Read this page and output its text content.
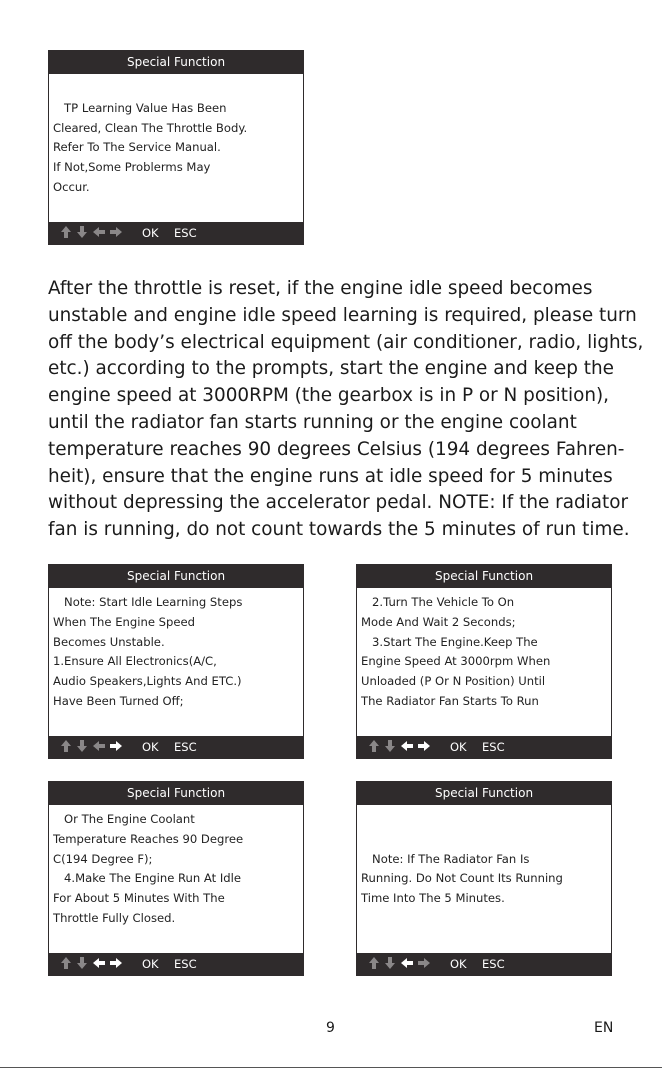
Special Function
TP Learning Value Has Been
Cleared, Clean The Throttle Body.
Refer To The Service Manual.
If Not,Some Problerms May
Occur.
OK ESC
After the throttle is reset, if the engine idle speed becomes
unstable and engine idle speed learning is required, please turn
off the body’s electrical equipment (air conditioner, radio, lights,
etc.) according to the prompts, start the engine and keep the
engine speed at 3000RPM (the gearbox is in P or N position),
until the radiator fan starts running or the engine coolant
temperature reaches 90 degrees Celsius (194 degrees Fahren-
heit), ensure that the engine runs at idle speed for 5 minutes
without depressing the accelerator pedal. NOTE: If the radiator
fan is running, do not count towards the 5 minutes of run time.
Special Function
Note: Start Idle Learning Steps
When The Engine Speed
Becomes Unstable.
1.Ensure All Electronics(A/C,
Audio Speakers,Lights And ETC.)
Have Been Turned Off;
OK ESC
Special Function
2.Turn The Vehicle To On
Mode And Wait 2 Seconds;
3.Start The Engine.Keep The
Engine Speed At 3000rpm When
Unloaded (P Or N Position) Until
The Radiator Fan Starts To Run
OK ESC
Special Function
Or The Engine Coolant
Temperature Reaches 90 Degree
C(194 Degree F);
4.Make The Engine Run At Idle
For About 5 Minutes With The
Throttle Fully Closed.
OK ESC
Special Function
Note: If The Radiator Fan Is
Running. Do Not Count Its Running
Time Into The 5 Minutes.
OK ESC
9	EN
